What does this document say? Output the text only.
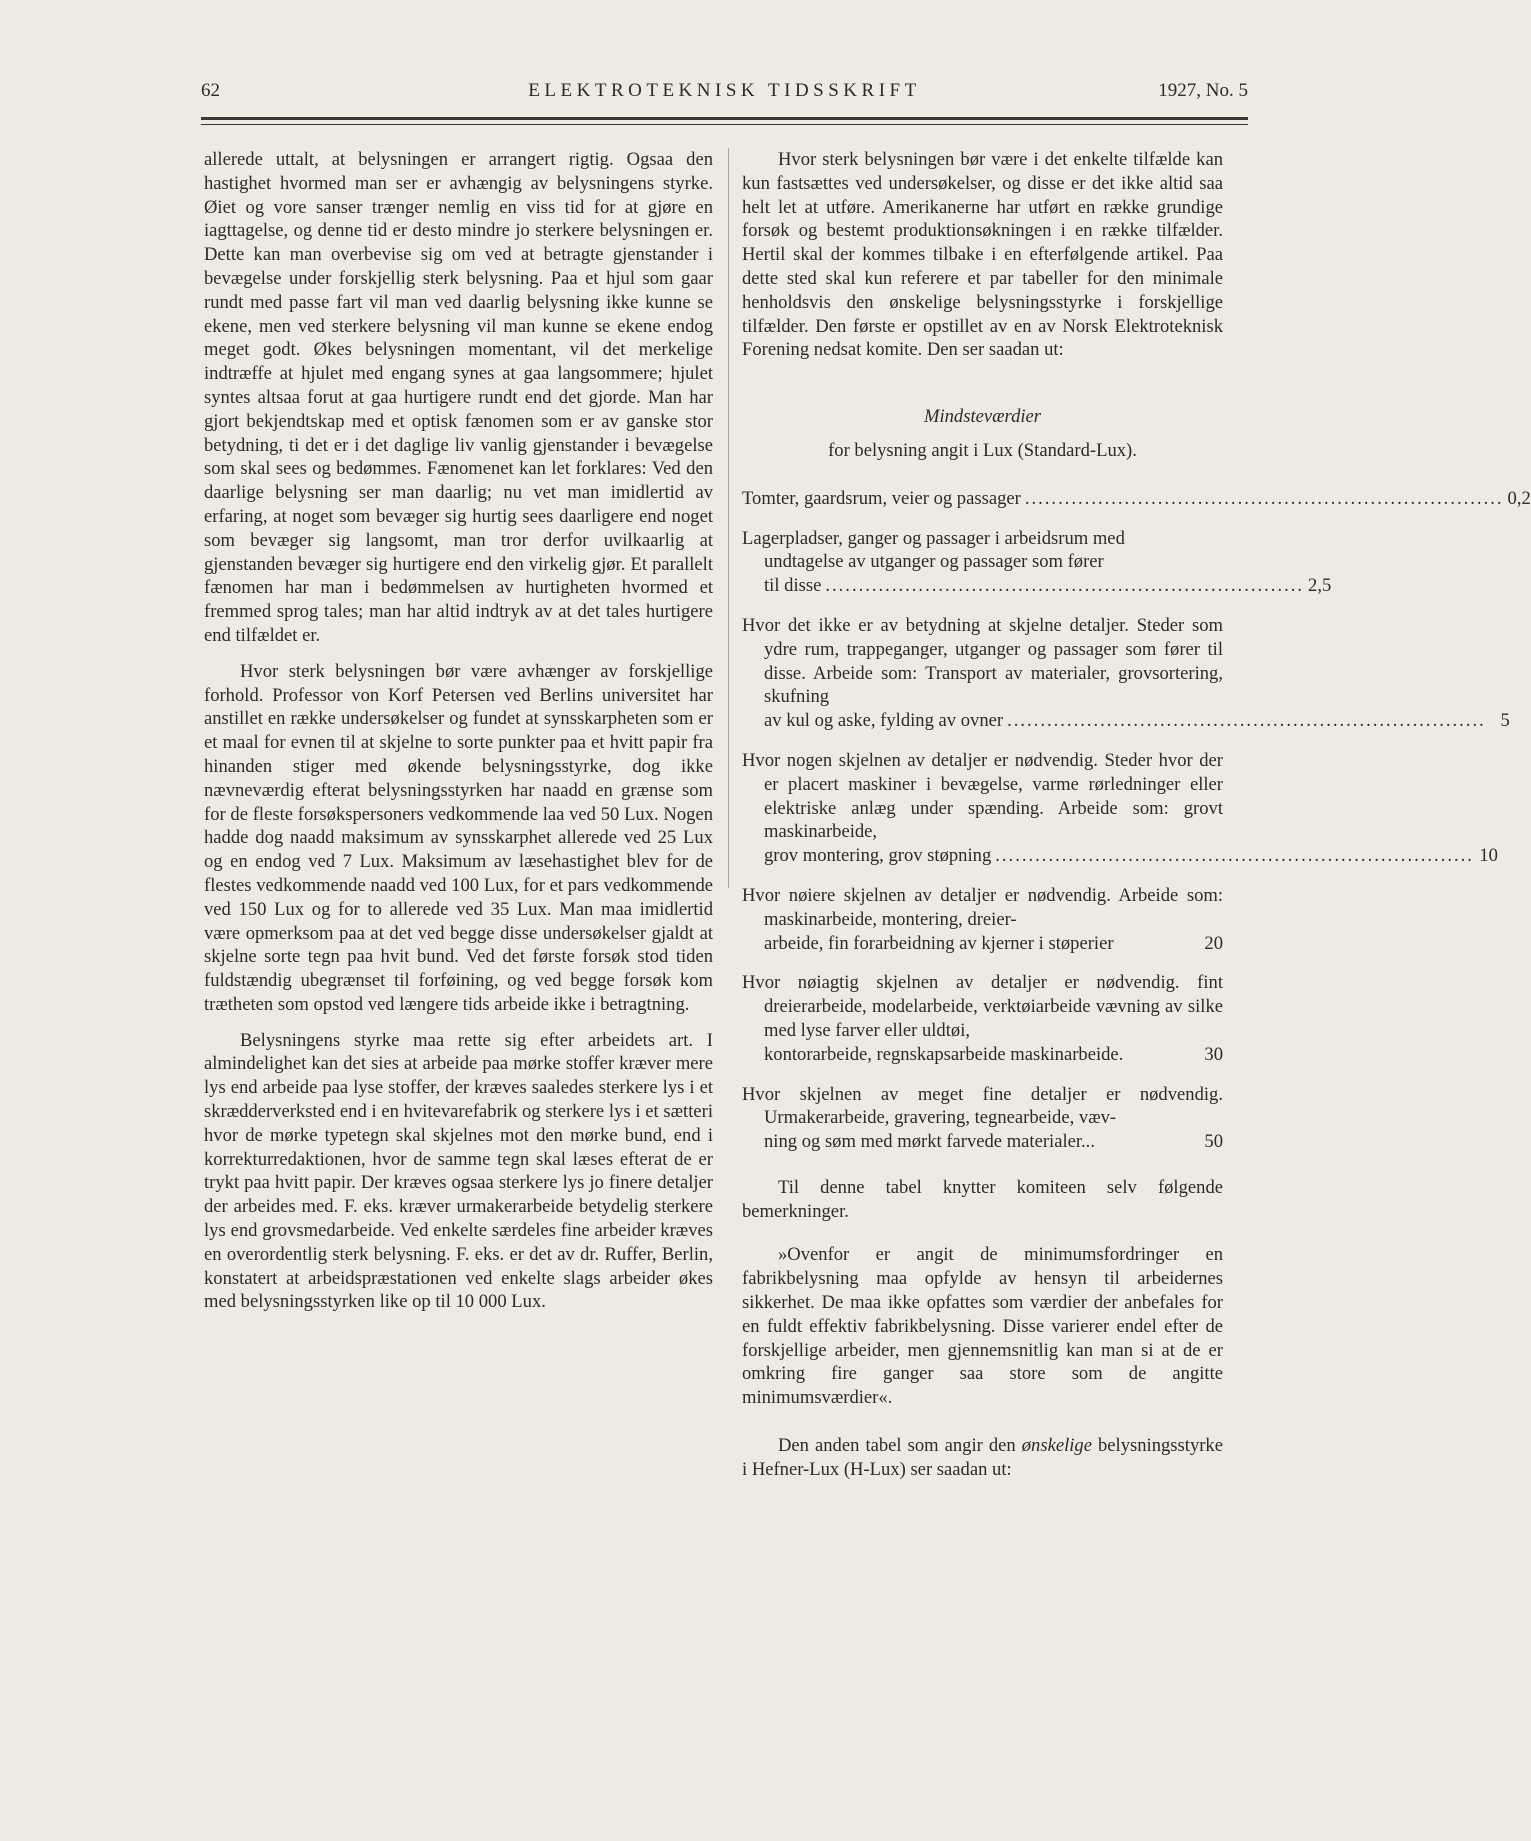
62	ELEKTROTEKNISK TIDSSKRIFT	1927, No. 5

allerede uttalt, at belysningen er arrangert rigtig. Ogsaa den hastighet hvormed man ser er avhængig av belysningens styrke. Øiet og vore sanser trænger nemlig en viss tid for at gjøre en iagttagelse, og denne tid er desto mindre jo sterkere belysningen er. Dette kan man overbevise sig om ved at betragte gjenstander i bevægelse under forskjellig sterk belysning. Paa et hjul som gaar rundt med passe fart vil man ved daarlig belysning ikke kunne se ekene, men ved sterkere belysning vil man kunne se ekene endog meget godt. Økes belysningen momentant, vil det merkelige indtræffe at hjulet med engang synes at gaa langsommere; hjulet syntes altsaa forut at gaa hurtigere rundt end det gjorde. Man har gjort bekjendtskap med et optisk fænomen som er av ganske stor betydning, ti det er i det daglige liv vanlig gjenstander i bevægelse som skal sees og bedømmes. Fænomenet kan let forklares: Ved den daarlige belysning ser man daarlig; nu vet man imidlertid av erfaring, at noget som bevæger sig hurtig sees daarligere end noget som bevæger sig langsomt, man tror derfor uvilkaarlig at gjenstanden bevæger sig hurtigere end den virkelig gjør. Et parallelt fænomen har man i bedømmelsen av hurtigheten hvormed et fremmed sprog tales; man har altid indtryk av at det tales hurtigere end tilfældet er.

Hvor sterk belysningen bør være avhænger av forskjellige forhold. Professor von Korf Petersen ved Berlins universitet har anstillet en række undersøkelser og fundet at synsskarpheten som er et maal for evnen til at skjelne to sorte punkter paa et hvitt papir fra hinanden stiger med økende belysningsstyrke, dog ikke nævneværdig efterat belysningsstyrken har naadd en grænse som for de fleste forsøkspersoners vedkommende laa ved 50 Lux. Nogen hadde dog naadd maksimum av synsskarphet allerede ved 25 Lux og en endog ved 7 Lux. Maksimum av læsehastighet blev for de flestes vedkommende naadd ved 100 Lux, for et pars vedkommende ved 150 Lux og for to allerede ved 35 Lux. Man maa imidlertid være opmerksom paa at det ved begge disse undersøkelser gjaldt at skjelne sorte tegn paa hvit bund. Ved det første forsøk stod tiden fuldstændig ubegrænset til forføining, og ved begge forsøk kom trætheten som opstod ved længere tids arbeide ikke i betragtning.

Belysningens styrke maa rette sig efter arbeidets art. I almindelighet kan det sies at arbeide paa mørke stoffer kræver mere lys end arbeide paa lyse stoffer, der kræves saaledes sterkere lys i et skrædderverksted end i en hvitevarefabrik og sterkere lys i et sætteri hvor de mørke typetegn skal skjelnes mot den mørke bund, end i korrekturredaktionen, hvor de samme tegn skal læses efterat de er trykt paa hvitt papir. Der kræves ogsaa sterkere lys jo finere detaljer der arbeides med. F. eks. kræver urmakerarbeide betydelig sterkere lys end grovsmedarbeide. Ved enkelte særdeles fine arbeider kræves en overordentlig sterk belysning. F. eks. er det av dr. Ruffer, Berlin, konstatert at arbeidspræstationen ved enkelte slags arbeider økes med belysningsstyrken like op til 10 000 Lux.

Hvor sterk belysningen bør være i det enkelte tilfælde kan kun fastsættes ved undersøkelser, og disse er det ikke altid saa helt let at utføre. Amerikanerne har utført en række grundige forsøk og bestemt produktionsøkningen i en række tilfælder. Hertil skal der kommes tilbake i en efterfølgende artikel. Paa dette sted skal kun referere et par tabeller for den minimale henholdsvis den ønskelige belysningsstyrke i forskjellige tilfælder. Den første er opstillet av en av Norsk Elektroteknisk Forening nedsat komite. Den ser saadan ut:

Mindsteværdier
for belysning angit i Lux (Standard-Lux).
Tomter, gaardsrum, veier og passager ........................................................................ 0,2
Lagerpladser, ganger og passager i arbeidsrum med
undtagelse av utganger og passager som fører
til disse ........................................................................ 2,5
Hvor det ikke er av betydning at skjelne detaljer. Steder som ydre rum, trappeganger, utganger og passager som fører til disse. Arbeide som: Transport av materialer, grovsortering, skufning
av kul og aske, fylding av ovner ........................................................................ 5
Hvor nogen skjelnen av detaljer er nødvendig. Steder hvor der er placert maskiner i bevægelse, varme rørledninger eller elektriske anlæg under spænding. Arbeide som: grovt maskinarbeide,
grov montering, grov støpning ........................................................................ 10
Hvor nøiere skjelnen av detaljer er nødvendig. Arbeide som: maskinarbeide, montering, dreier-
arbeide, fin forarbeidning av kjerner i støperier	20
Hvor nøiagtig skjelnen av detaljer er nødvendig. fint dreierarbeide, modelarbeide, verktøiarbeide vævning av silke med lyse farver eller uldtøi,
kontorarbeide, regnskapsarbeide maskinarbeide.	30
Hvor skjelnen av meget fine detaljer er nødvendig. Urmakerarbeide, gravering, tegnearbeide, væv-
ning og søm med mørkt farvede materialer...	50

Til denne tabel knytter komiteen selv følgende bemerkninger.

»Ovenfor er angit de minimumsfordringer en fabrikbelysning maa opfylde av hensyn til arbeidernes sikkerhet. De maa ikke opfattes som værdier der anbefales for en fuldt effektiv fabrikbelysning. Disse varierer endel efter de forskjellige arbeider, men gjennemsnitlig kan man si at de er omkring fire ganger saa store som de angitte minimumsværdier«.

Den anden tabel som angir den ønskelige belysningsstyrke i Hefner-Lux (H-Lux) ser saadan ut:
